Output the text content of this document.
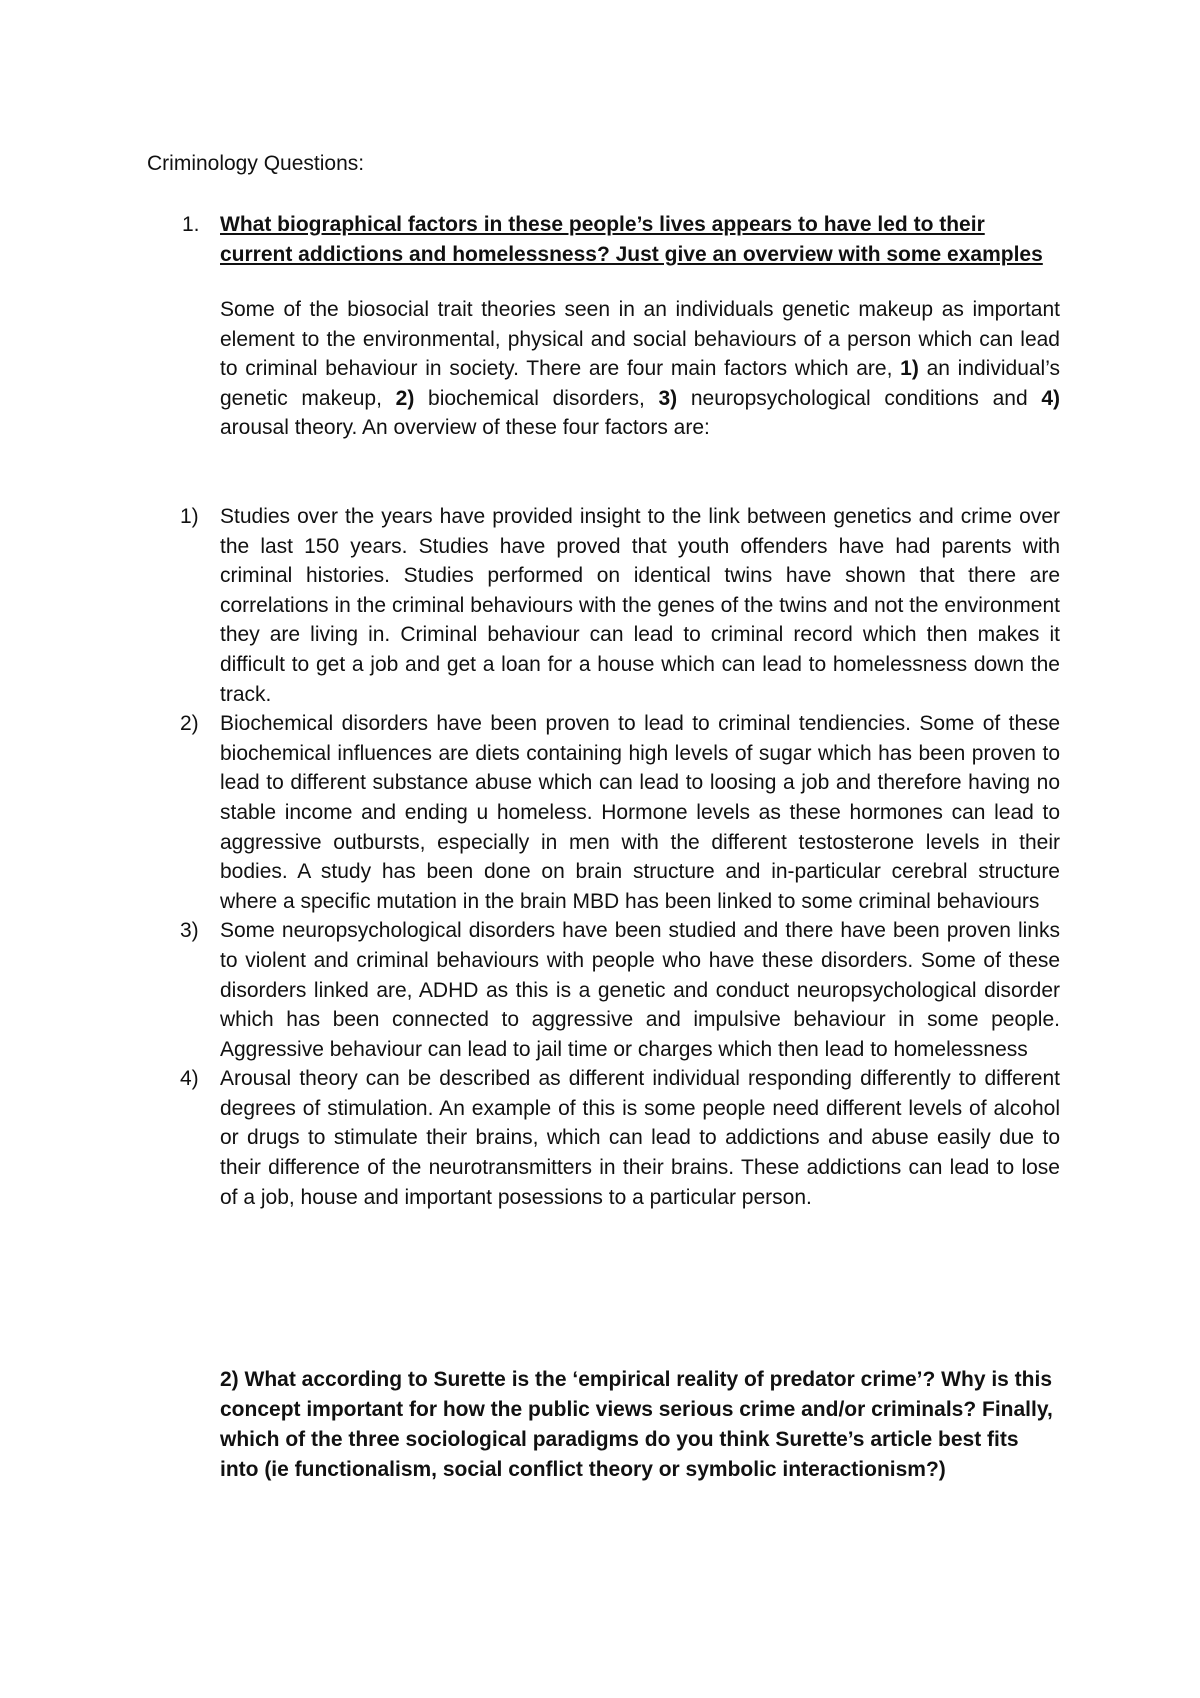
Criminology Questions:
1. What biographical factors in these people’s lives appears to have led to their current addictions and homelessness? Just give an overview with some examples
Some of the biosocial trait theories seen in an individuals genetic makeup as important element to the environmental, physical and social behaviours of a person which can lead to criminal behaviour in society. There are four main factors which are, 1) an individual’s genetic makeup, 2) biochemical disorders, 3) neuropsychological conditions and 4) arousal theory. An overview of these four factors are:
1) Studies over the years have provided insight to the link between genetics and crime over the last 150 years. Studies have proved that youth offenders have had parents with criminal histories. Studies performed on identical twins have shown that there are correlations in the criminal behaviours with the genes of the twins and not the environment they are living in. Criminal behaviour can lead to criminal record which then makes it difficult to get a job and get a loan for a house which can lead to homelessness down the track.
2) Biochemical disorders have been proven to lead to criminal tendiencies. Some of these biochemical influences are diets containing high levels of sugar which has been proven to lead to different substance abuse which can lead to loosing a job and therefore having no stable income and ending u homeless. Hormone levels as these hormones can lead to aggressive outbursts, especially in men with the different testosterone levels in their bodies. A study has been done on brain structure and in-particular cerebral structure where a specific mutation in the brain MBD has been linked to some criminal behaviours
3) Some neuropsychological disorders have been studied and there have been proven links to violent and criminal behaviours with people who have these disorders. Some of these disorders linked are, ADHD as this is a genetic and conduct neuropsychological disorder which has been connected to aggressive and impulsive behaviour in some people. Aggressive behaviour can lead to jail time or charges which then lead to homelessness
4) Arousal theory can be described as different individual responding differently to different degrees of stimulation. An example of this is some people need different levels of alcohol or drugs to stimulate their brains, which can lead to addictions and abuse easily due to their difference of the neurotransmitters in their brains. These addictions can lead to lose of a job, house and important posessions to a particular person.
2) What according to Surette is the ‘empirical reality of predator crime’? Why is this concept important for how the public views serious crime and/or criminals? Finally, which of the three sociological paradigms do you think Surette’s article best fits into (ie functionalism, social conflict theory or symbolic interactionism?)
